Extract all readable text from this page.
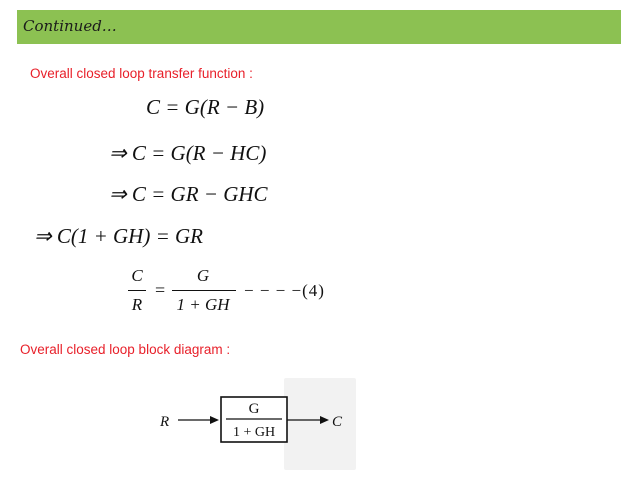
Continued…
Overall closed loop transfer function :
C = G(R − B)
⇒ C = G(R − HC)
⇒ C = GR − GHC
⇒ C(1 + GH) = GR
C
R
=
G
1 + GH
− − − −(4)
Overall closed loop block diagram :
R
G
1 + GH
C
